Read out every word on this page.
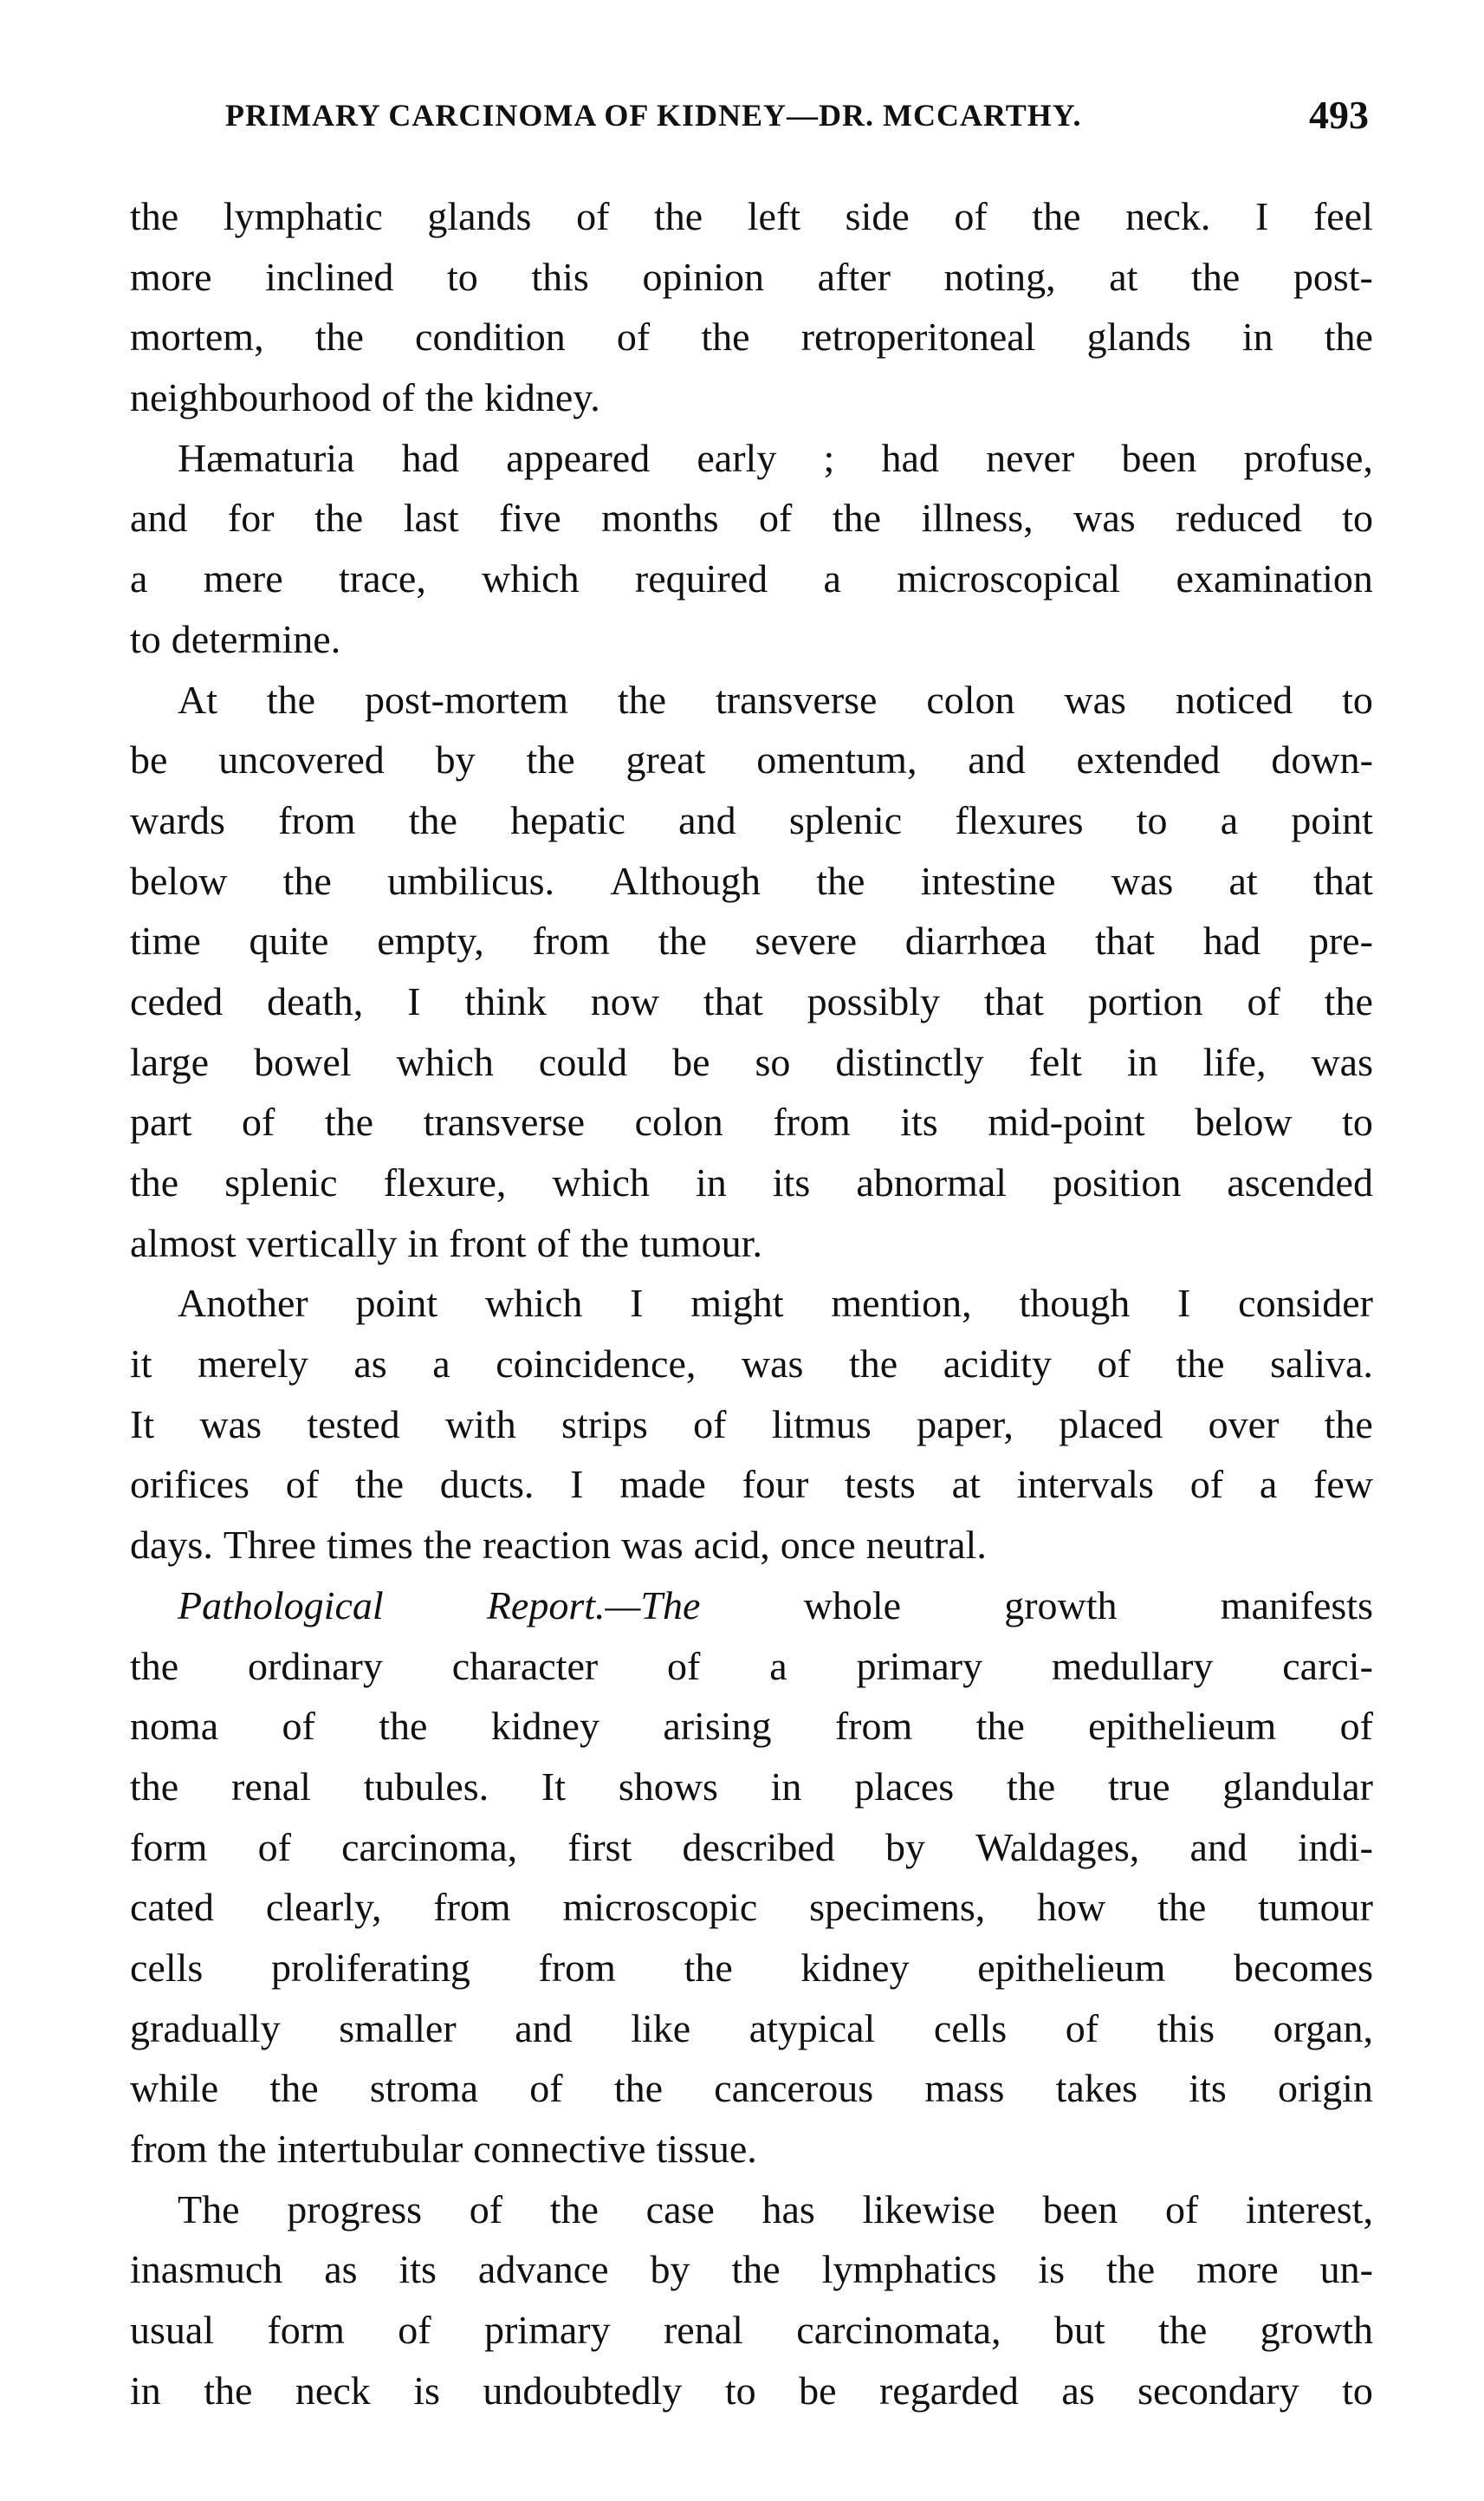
PRIMARY CARCINOMA OF KIDNEY—DR. MCCARTHY.	493
the lymphatic glands of the left side of the neck. I feel
more inclined to this opinion after noting, at the post-
mortem, the condition of the retroperitoneal glands in the
neighbourhood of the kidney.
Hæmaturia had appeared early ; had never been profuse,
and for the last five months of the illness, was reduced to
a mere trace, which required a microscopical examination
to determine.
At the post-mortem the transverse colon was noticed to
be uncovered by the great omentum, and extended down-
wards from the hepatic and splenic flexures to a point
below the umbilicus. Although the intestine was at that
time quite empty, from the severe diarrhœa that had pre-
ceded death, I think now that possibly that portion of the
large bowel which could be so distinctly felt in life, was
part of the transverse colon from its mid-point below to
the splenic flexure, which in its abnormal position ascended
almost vertically in front of the tumour.
Another point which I might mention, though I consider
it merely as a coincidence, was the acidity of the saliva.
It was tested with strips of litmus paper, placed over the
orifices of the ducts. I made four tests at intervals of a few
days. Three times the reaction was acid, once neutral.
Pathological	Report.—The	whole	growth	manifests
the ordinary character of a primary medullary carci-
noma of the kidney arising from the epithelieum of
the renal tubules. It shows in places the true glandular
form of carcinoma, first described by Waldages, and indi-
cated clearly, from microscopic specimens, how the tumour
cells proliferating from the kidney epithelieum becomes
gradually smaller and like atypical cells of this organ,
while the stroma of the cancerous mass takes its origin
from the intertubular connective tissue.
The progress of the case has likewise been of interest,
inasmuch as its advance by the lymphatics is the more un-
usual form of primary renal carcinomata, but the growth
in the neck is undoubtedly to be regarded as secondary to
